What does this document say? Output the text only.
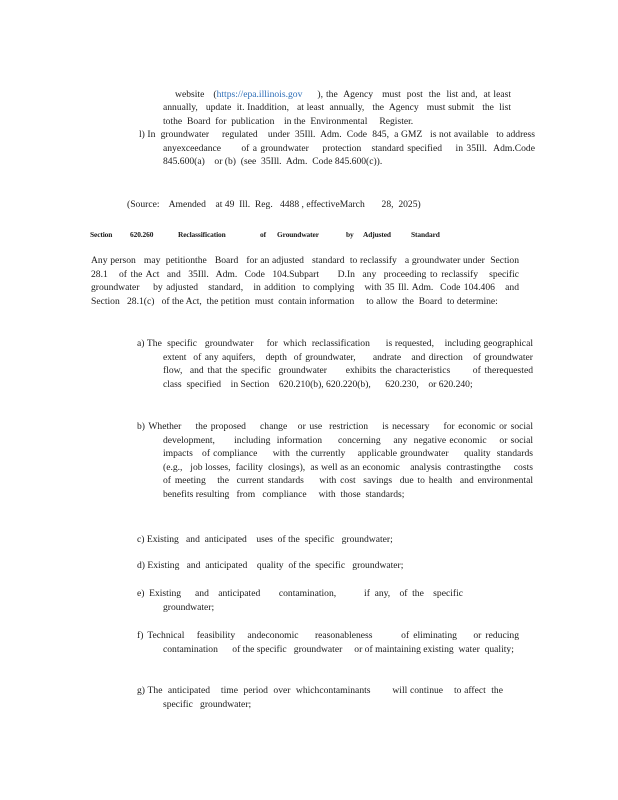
website   (https://epa.illinois.gov     ), the  Agency   must  post  the  list and,  at least  annually,   update  it. Inaddition,   at least  annually,   the  Agency   must submit   the  list tothe  Board  for  publication    in the  Environmental     Register.

l) In  groundwater     regulated    under  35Ill.  Adm.  Code  845,  a GMZ   is not available   to address  anyexceedance      of a groundwater    protection   standard specified    in 35Ill.  Adm.Code     845.600(a)    or (b)  (see  35Ill.  Adm.  Code 845.600(c)).
(Source:    Amended    at 49  Ill.  Reg.   4488 , effectiveMarch       28,  2025)
Section 620.260	Reclassification	of Groundwater	by Adjusted	Standard
Any person   may  petitionthe   Board   for an adjusted   standard  to reclassify   a groundwater under  Section   28.1   of the Act  and  35Ill.  Adm.  Code  104.Subpart     D.In  any  proceeding to reclassify   specific   groundwater    by adjusted   standard,   in addition  to complying   with 35 Ill. Adm.  Code 104.406   and  Section   28.1(c)   of the Act,  the petition  must  contain information     to allow  the  Board  to determine:
a) The  specific   groundwater     for  which  reclassification      is requested,    including geographical     extent  of any aquifers,   depth  of groundwater,     andrate   and direction   of groundwater     flow,  and that the specific  groundwater     exhibits the characteristics      of therequested     class  specified    in Section    620.210(b), 620.220(b),      620.230,    or 620.240;
b) Whether    the proposed    change   or use  restriction    is necessary    for economic or social  development,      including  information     concerning    any  negative economic    or social impacts   of compliance     with  the currently    applicable groundwater     quality  standards    (e.g.,   job losses,  facility  closings),  as well as an economic    analysis  contrastingthe     costs   of meeting   the  current standards    with cost  savings  due to health  and environmental      benefits resulting   from   compliance     with  those  standards;
c) Existing   and  anticipated    uses  of the  specific   groundwater;
d) Existing   and  anticipated    quality  of the  specific   groundwater;
e) Existing   and  anticipated    contamination,      if any,  of the  specific groundwater;
f) Technical   feasibility   andeconomic    reasonableness       of eliminating    or reducing   contamination      of the specific   groundwater     or of maintaining existing  water  quality;
g) The  anticipated    time  period  over  whichcontaminants        will continue    to affect  the specific   groundwater;
